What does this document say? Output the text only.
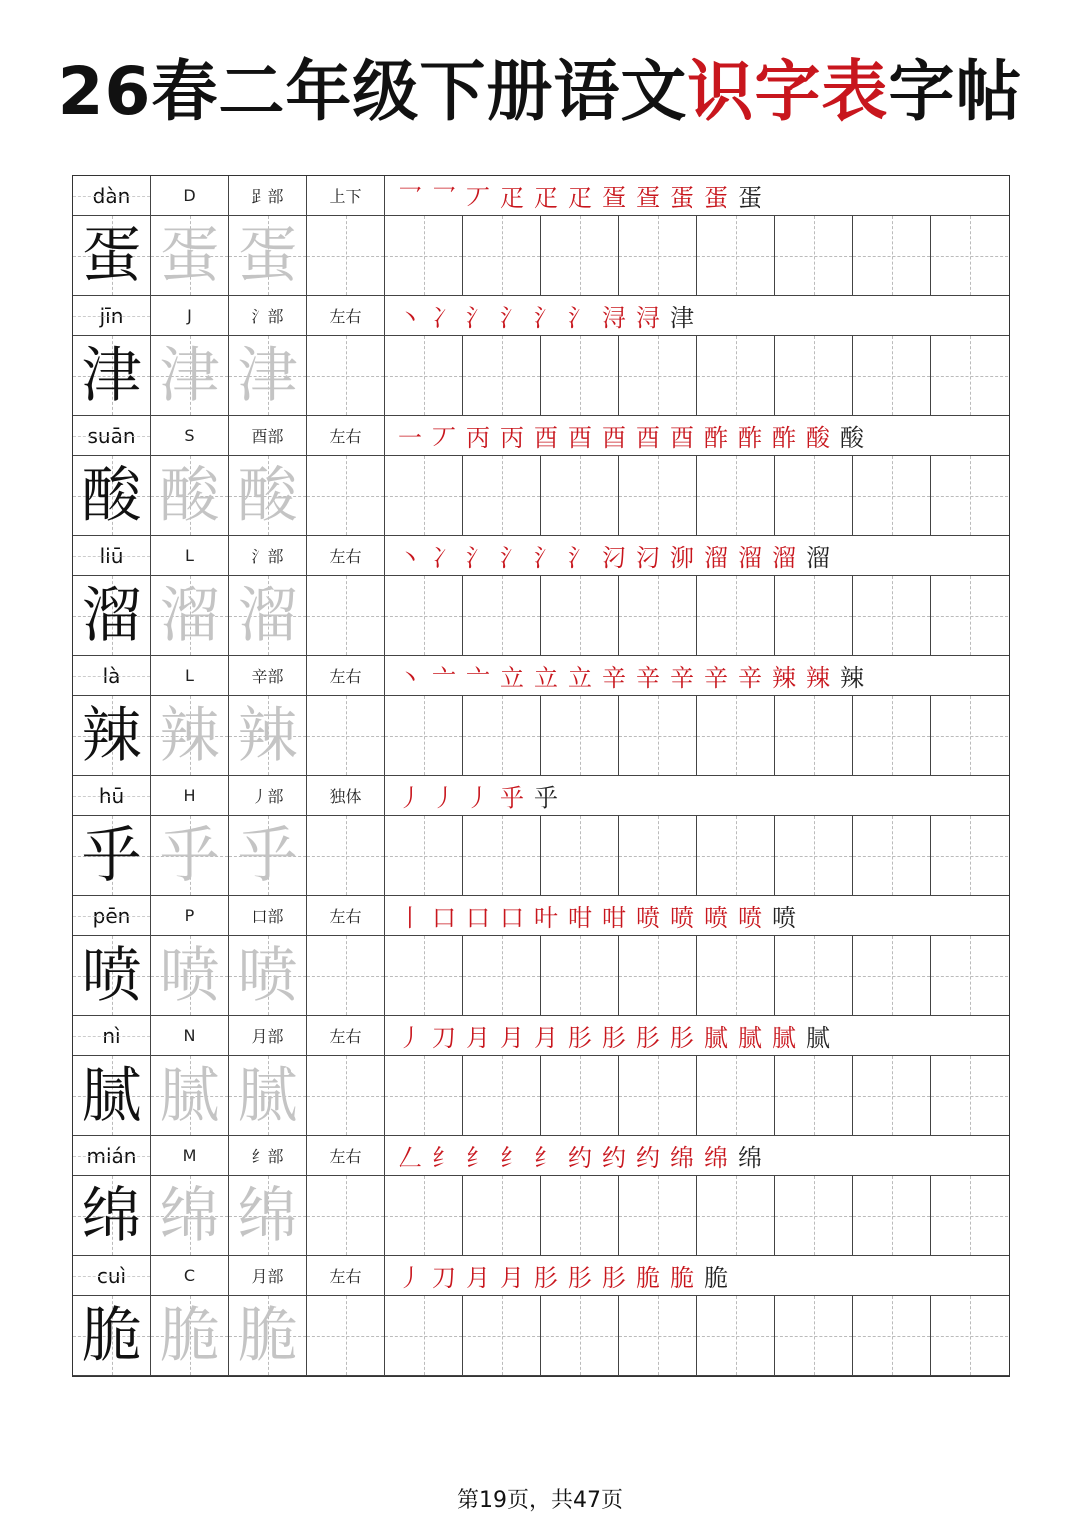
26春二年级下册语文识字表字帖
dàn	D	𧾷部	上下	乛 乛 丆 疋 疋 疋 疍 疍 蛋 蛋 蛋
蛋 蛋 蛋
jīn	J	氵部	左右	丶 冫 氵 氵 氵 氵 浔 浔 津
津 津 津
suān	S	酉部	左右	一 丆 丙 丙 酉 酉 酉 酉 酉 酢 酢 酢 酸 酸
酸 酸 酸
liū	L	氵部	左右	丶 冫 氵 氵 氵 氵 汈 汈 泖 溜 溜 溜 溜
溜 溜 溜
là	L	辛部	左右	丶 亠 亠 立 立 立 辛 辛 辛 辛 辛 辣 辣 辣
辣 辣 辣
hū	H	丿部	独体	丿 丿 丿 乎 乎
乎 乎 乎
pēn	P	口部	左右	丨 口 口 口 叶 咁 咁 喷 喷 喷 喷 喷
喷 喷 喷
nì	N	月部	左右	丿 刀 月 月 月 肜 肜 肜 肜 腻 腻 腻 腻
腻 腻 腻
mián	M	纟部	左右	𠃋 纟 纟 纟 纟 约 约 约 绵 绵 绵
绵 绵 绵
cuì	C	月部	左右	丿 刀 月 月 肜 肜 肜 脆 脆 脆
脆 脆 脆
第19页，共47页
